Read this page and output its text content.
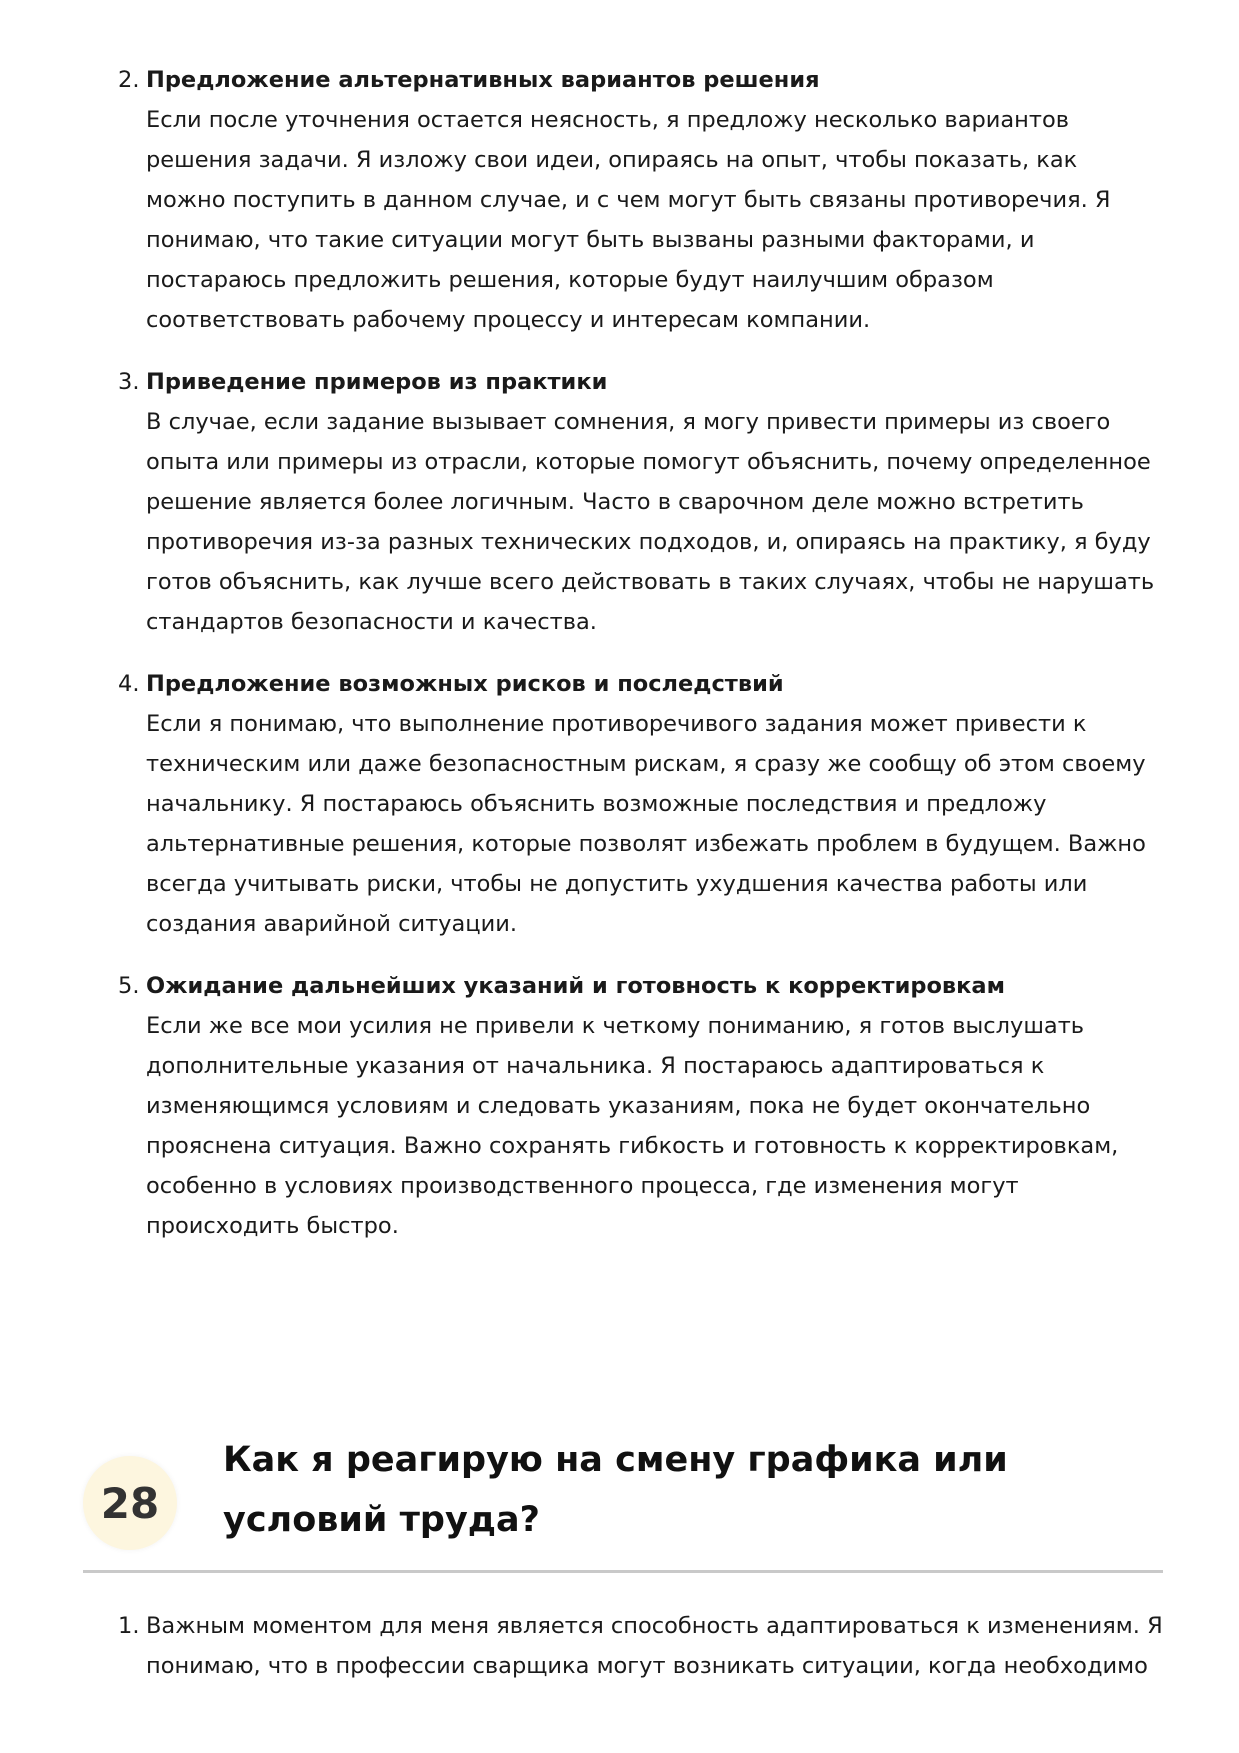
2. Предложение альтернативных вариантов решения
Если после уточнения остается неясность, я предложу несколько вариантов решения задачи. Я изложу свои идеи, опираясь на опыт, чтобы показать, как можно поступить в данном случае, и с чем могут быть связаны противоречия. Я понимаю, что такие ситуации могут быть вызваны разными факторами, и постараюсь предложить решения, которые будут наилучшим образом соответствовать рабочему процессу и интересам компании.
3. Приведение примеров из практики
В случае, если задание вызывает сомнения, я могу привести примеры из своего опыта или примеры из отрасли, которые помогут объяснить, почему определенное решение является более логичным. Часто в сварочном деле можно встретить противоречия из-за разных технических подходов, и, опираясь на практику, я буду готов объяснить, как лучше всего действовать в таких случаях, чтобы не нарушать стандартов безопасности и качества.
4. Предложение возможных рисков и последствий
Если я понимаю, что выполнение противоречивого задания может привести к техническим или даже безопасностным рискам, я сразу же сообщу об этом своему начальнику. Я постараюсь объяснить возможные последствия и предложу альтернативные решения, которые позволят избежать проблем в будущем. Важно всегда учитывать риски, чтобы не допустить ухудшения качества работы или создания аварийной ситуации.
5. Ожидание дальнейших указаний и готовность к корректировкам
Если же все мои усилия не привели к четкому пониманию, я готов выслушать дополнительные указания от начальника. Я постараюсь адаптироваться к изменяющимся условиям и следовать указаниям, пока не будет окончательно прояснена ситуация. Важно сохранять гибкость и готовность к корректировкам, особенно в условиях производственного процесса, где изменения могут происходить быстро.
28
Как я реагирую на смену графика или условий труда?
1. Важным моментом для меня является способность адаптироваться к изменениям. Я понимаю, что в профессии сварщика могут возникать ситуации, когда необходимо
